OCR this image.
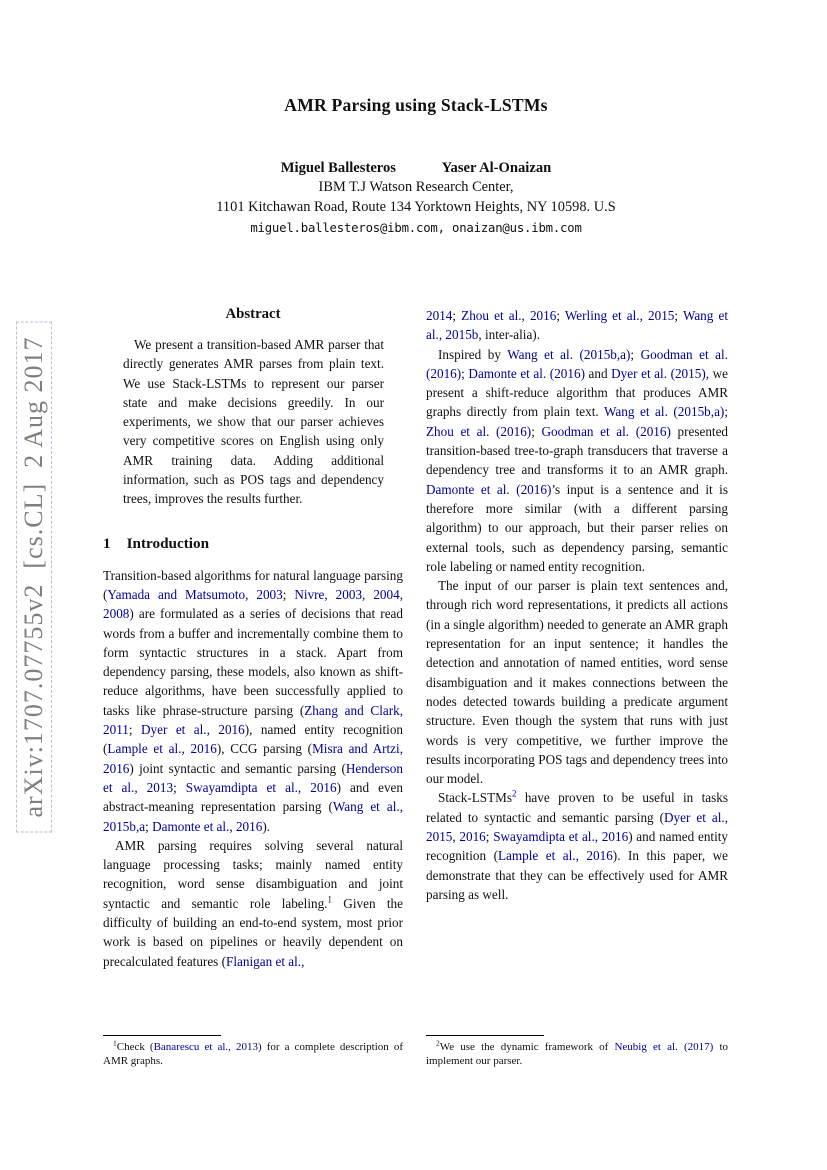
arXiv:1707.07755v2  [cs.CL]  2 Aug 2017
AMR Parsing using Stack-LSTMs
Miguel Ballesteros	Yaser Al-Onaizan
IBM T.J Watson Research Center,
1101 Kitchawan Road, Route 134 Yorktown Heights, NY 10598. U.S
miguel.ballesteros@ibm.com, onaizan@us.ibm.com
Abstract

We present a transition-based AMR parser that directly generates AMR parses from plain text. We use Stack-LSTMs to represent our parser state and make decisions greedily. In our experiments, we show that our parser achieves very competitive scores on English using only AMR training data. Adding additional information, such as POS tags and dependency trees, improves the results further.

1 Introduction

Transition-based algorithms for natural language parsing (Yamada and Matsumoto, 2003; Nivre, 2003, 2004, 2008) are formulated as a series of decisions that read words from a buffer and incrementally combine them to form syntactic structures in a stack. Apart from dependency parsing, these models, also known as shift-reduce algorithms, have been successfully applied to tasks like phrase-structure parsing (Zhang and Clark, 2011; Dyer et al., 2016), named entity recognition (Lample et al., 2016), CCG parsing (Misra and Artzi, 2016) joint syntactic and semantic parsing (Henderson et al., 2013; Swayamdipta et al., 2016) and even abstract-meaning representation parsing (Wang et al., 2015b,a; Damonte et al., 2016).

AMR parsing requires solving several natural language processing tasks; mainly named entity recognition, word sense disambiguation and joint syntactic and semantic role labeling.$^1$ Given the difficulty of building an end-to-end system, most prior work is based on pipelines or heavily dependent on precalculated features (Flanigan et al.,

2014; Zhou et al., 2016; Werling et al., 2015; Wang et al., 2015b, inter-alia).

Inspired by Wang et al. (2015b,a); Goodman et al. (2016); Damonte et al. (2016) and Dyer et al. (2015), we present a shift-reduce algorithm that produces AMR graphs directly from plain text. Wang et al. (2015b,a); Zhou et al. (2016); Goodman et al. (2016) presented transition-based tree-to-graph transducers that traverse a dependency tree and transforms it to an AMR graph. Damonte et al. (2016)’s input is a sentence and it is therefore more similar (with a different parsing algorithm) to our approach, but their parser relies on external tools, such as dependency parsing, semantic role labeling or named entity recognition.

The input of our parser is plain text sentences and, through rich word representations, it predicts all actions (in a single algorithm) needed to generate an AMR graph representation for an input sentence; it handles the detection and annotation of named entities, word sense disambiguation and it makes connections between the nodes detected towards building a predicate argument structure. Even though the system that runs with just words is very competitive, we further improve the results incorporating POS tags and dependency trees into our model.

Stack-LSTMs$^2$ have proven to be useful in tasks related to syntactic and semantic parsing (Dyer et al., 2015, 2016; Swayamdipta et al., 2016) and named entity recognition (Lample et al., 2016). In this paper, we demonstrate that they can be effectively used for AMR parsing as well.

$^1$Check (Banarescu et al., 2013) for a complete description of AMR graphs.

$^2$We use the dynamic framework of Neubig et al. (2017) to implement our parser.
